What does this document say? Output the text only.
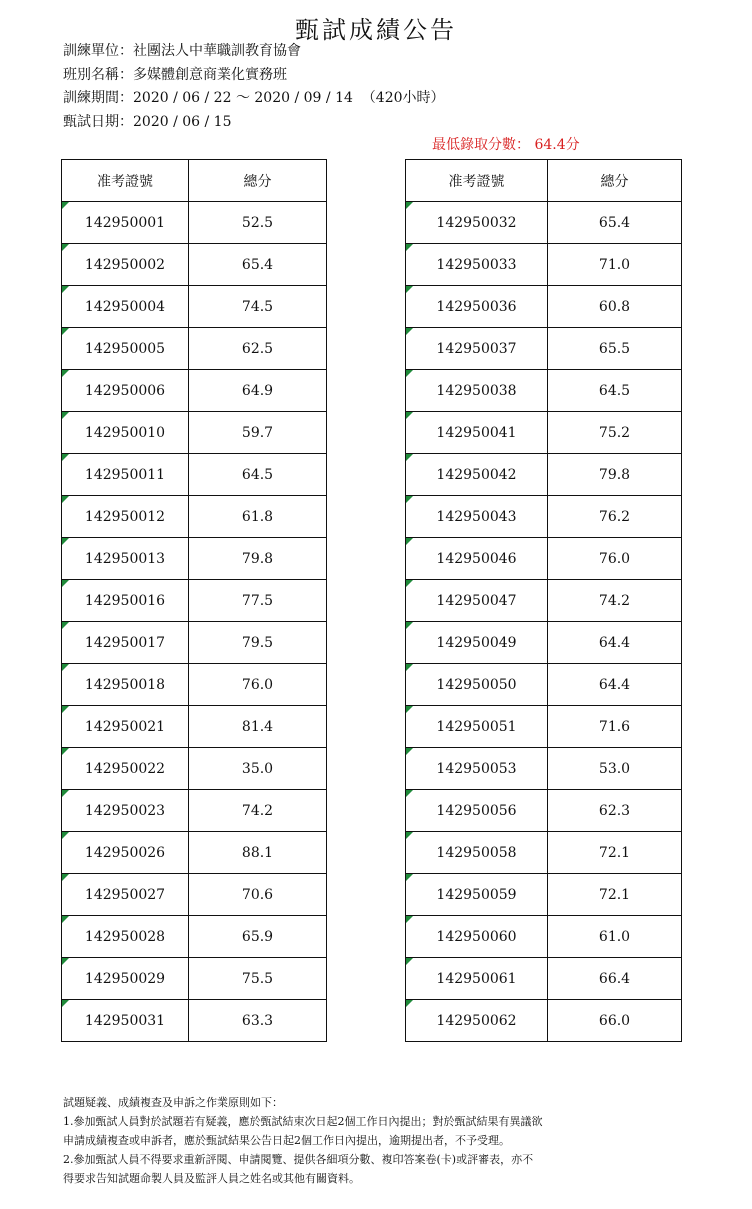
甄試成績公告
訓練單位：社團法人中華職訓教育協會
班別名稱：多媒體創意商業化實務班
訓練期間：2020 / 06 / 22 ～ 2020 / 09 / 14  （420小時）
甄試日期：2020 / 06 / 15
最低錄取分數： 64.4分
准考證號	總分
142950001	52.5
142950002	65.4
142950004	74.5
142950005	62.5
142950006	64.9
142950010	59.7
142950011	64.5
142950012	61.8
142950013	79.8
142950016	77.5
142950017	79.5
142950018	76.0
142950021	81.4
142950022	35.0
142950023	74.2
142950026	88.1
142950027	70.6
142950028	65.9
142950029	75.5
142950031	63.3
准考證號	總分
142950032	65.4
142950033	71.0
142950036	60.8
142950037	65.5
142950038	64.5
142950041	75.2
142950042	79.8
142950043	76.2
142950046	76.0
142950047	74.2
142950049	64.4
142950050	64.4
142950051	71.6
142950053	53.0
142950056	62.3
142950058	72.1
142950059	72.1
142950060	61.0
142950061	66.4
142950062	66.0
試題疑義、成績複查及申訴之作業原則如下：
1.參加甄試人員對於試題若有疑義，應於甄試結束次日起2個工作日內提出；對於甄試結果有異議欲
申請成績複查或申訴者，應於甄試結果公告日起2個工作日內提出，逾期提出者，不予受理。
2.參加甄試人員不得要求重新評閱、申請閱覽、提供各細項分數、複印答案卷(卡)或評審表，亦不
得要求告知試題命製人員及監評人員之姓名或其他有關資料。
